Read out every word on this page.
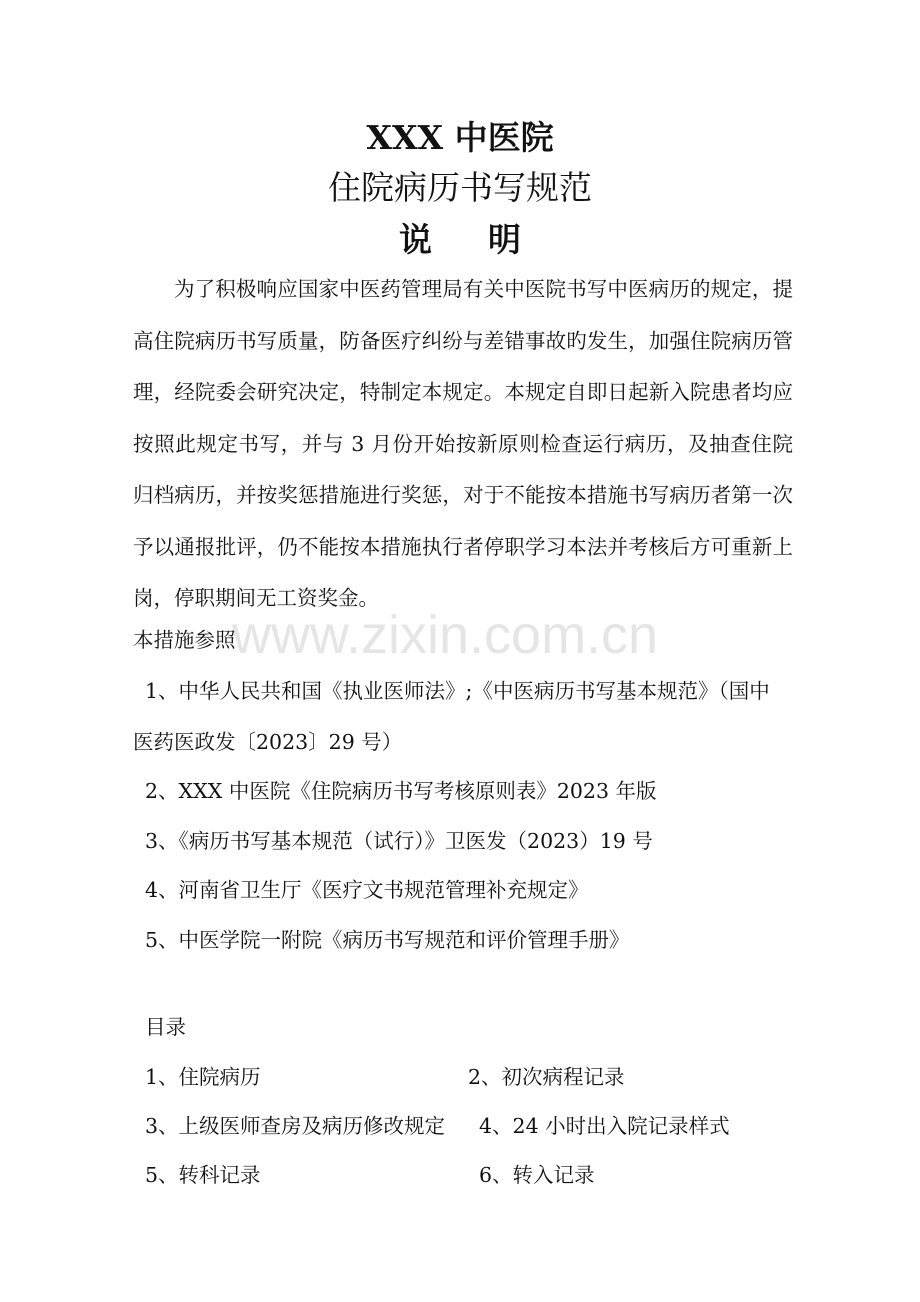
XXX 中医院
住院病历书写规范
说明

为了积极响应国家中医药管理局有关中医院书写中医病历的规定，提高住院病历书写质量，防备医疗纠纷与差错事故旳发生，加强住院病历管理，经院委会研究决定，特制定本规定。本规定自即日起新入院患者均应按照此规定书写，并与 3 月份开始按新原则检查运行病历，及抽查住院归档病历，并按奖惩措施进行奖惩，对于不能按本措施书写病历者第一次予以通报批评，仍不能按本措施执行者停职学习本法并考核后方可重新上岗，停职期间无工资奖金。

本措施参照

1、中华人民共和国《执业医师法》;《中医病历书写基本规范》（国中

医药医政发〔2023〕29 号）

2、XXX 中医院《住院病历书写考核原则表》2023 年版

3、《病历书写基本规范（试行）》卫医发（2023）19 号

4、河南省卫生厅《医疗文书规范管理补充规定》

5、中医学院一附院《病历书写规范和评价管理手册》

目录

1、住院病历	2、初次病程记录

3、上级医师查房及病历修改规定 4、24 小时出入院记录样式

5、转科记录	6、转入记录

www.zixin.com.cn
